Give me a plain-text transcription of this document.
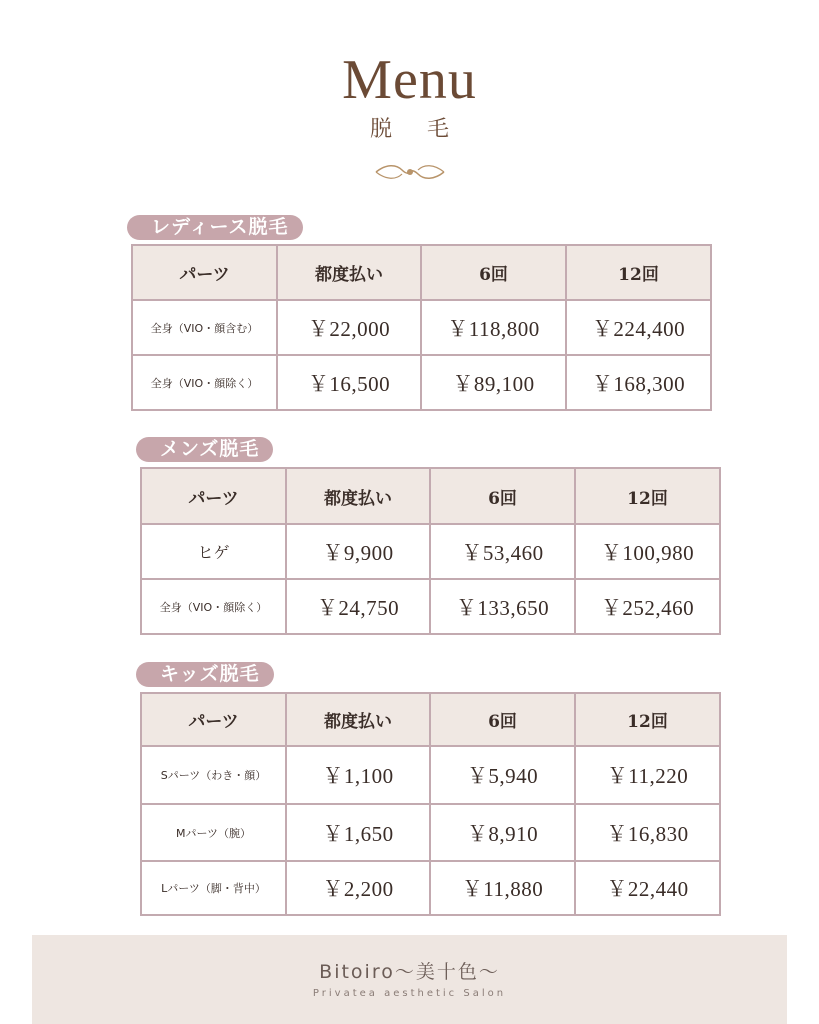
Menu
脱 毛
レディース脱毛
パーツ	都度払い	6回	12回
全身（VIO・顔含む）	￥22,000	￥118,800	￥224,400
全身（VIO・顔除く）	￥16,500	￥89,100	￥168,300
メンズ脱毛
パーツ	都度払い	6回	12回
ヒゲ	￥9,900	￥53,460	￥100,980
全身（VIO・顔除く）	￥24,750	￥133,650	￥252,460
キッズ脱毛
パーツ	都度払い	6回	12回
Sパーツ（わき・顔）	￥1,100	￥5,940	￥11,220
Mパーツ（腕）	￥1,650	￥8,910	￥16,830
Lパーツ（脚・背中）	￥2,200	￥11,880	￥22,440
Bitoiro〜美十色〜
Privatea aesthetic Salon
